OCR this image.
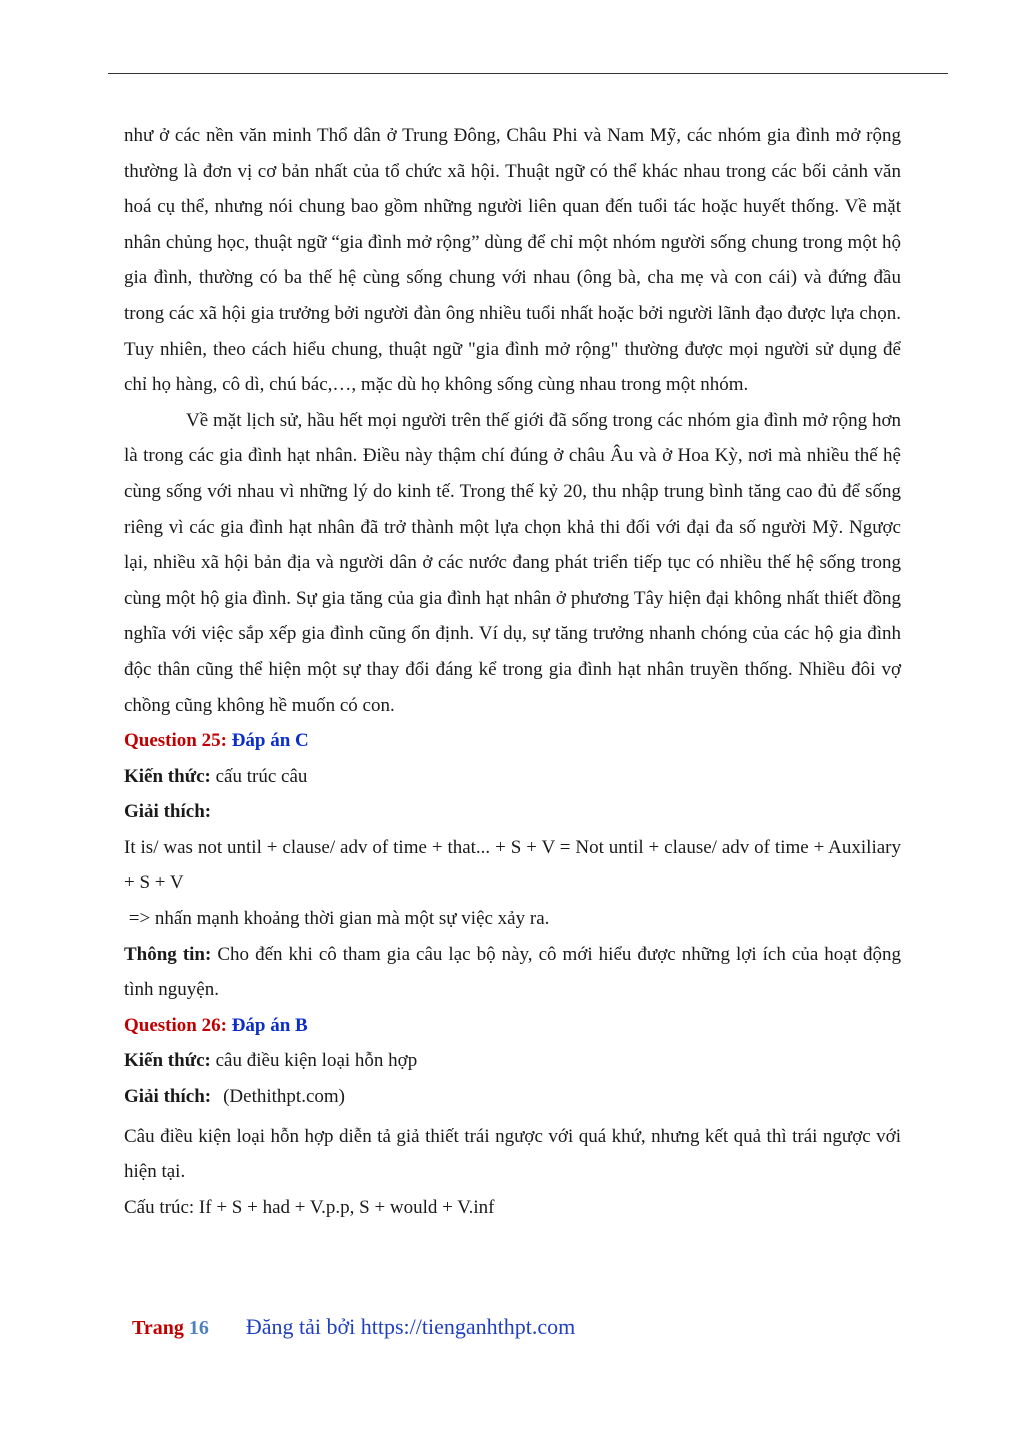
như ở các nền văn minh Thổ dân ở Trung Đông, Châu Phi và Nam Mỹ, các nhóm gia đình mở rộng thường là đơn vị cơ bản nhất của tổ chức xã hội. Thuật ngữ có thể khác nhau trong các bối cảnh văn hoá cụ thể, nhưng nói chung bao gồm những người liên quan đến tuổi tác hoặc huyết thống. Về mặt nhân chủng học, thuật ngữ “gia đình mở rộng” dùng để chỉ một nhóm người sống chung trong một hộ gia đình, thường có ba thế hệ cùng sống chung với nhau (ông bà, cha mẹ và con cái) và đứng đầu trong các xã hội gia trưởng bởi người đàn ông nhiều tuổi nhất hoặc bởi người lãnh đạo được lựa chọn. Tuy nhiên, theo cách hiểu chung, thuật ngữ "gia đình mở rộng" thường được mọi người sử dụng để chỉ họ hàng, cô dì, chú bác,…, mặc dù họ không sống cùng nhau trong một nhóm.

Về mặt lịch sử, hầu hết mọi người trên thế giới đã sống trong các nhóm gia đình mở rộng hơn là trong các gia đình hạt nhân. Điều này thậm chí đúng ở châu Âu và ở Hoa Kỳ, nơi mà nhiều thế hệ cùng sống với nhau vì những lý do kinh tế. Trong thế kỷ 20, thu nhập trung bình tăng cao đủ để sống riêng vì các gia đình hạt nhân đã trở thành một lựa chọn khả thi đối với đại đa số người Mỹ. Ngược lại, nhiều xã hội bản địa và người dân ở các nước đang phát triển tiếp tục có nhiều thế hệ sống trong cùng một hộ gia đình. Sự gia tăng của gia đình hạt nhân ở phương Tây hiện đại không nhất thiết đồng nghĩa với việc sắp xếp gia đình cũng ổn định. Ví dụ, sự tăng trưởng nhanh chóng của các hộ gia đình độc thân cũng thể hiện một sự thay đổi đáng kể trong gia đình hạt nhân truyền thống. Nhiều đôi vợ chồng cũng không hề muốn có con.

Question 25: Đáp án C

Kiến thức: cấu trúc câu

Giải thích:

It is/ was not until + clause/ adv of time + that... + S + V = Not until + clause/ adv of time + Auxiliary + S + V

=> nhấn mạnh khoảng thời gian mà một sự việc xảy ra.

Thông tin: Cho đến khi cô tham gia câu lạc bộ này, cô mới hiểu được những lợi ích của hoạt động tình nguyện.

Question 26: Đáp án B

Kiến thức: câu điều kiện loại hỗn hợp

Giải thích: (Dethithpt.com)

Câu điều kiện loại hỗn hợp diễn tả giả thiết trái ngược với quá khứ, nhưng kết quả thì trái ngược với hiện tại.

Cấu trúc: If + S + had + V.p.p, S + would + V.inf

Trang 16 Đăng tải bởi https://tienganhthpt.com
